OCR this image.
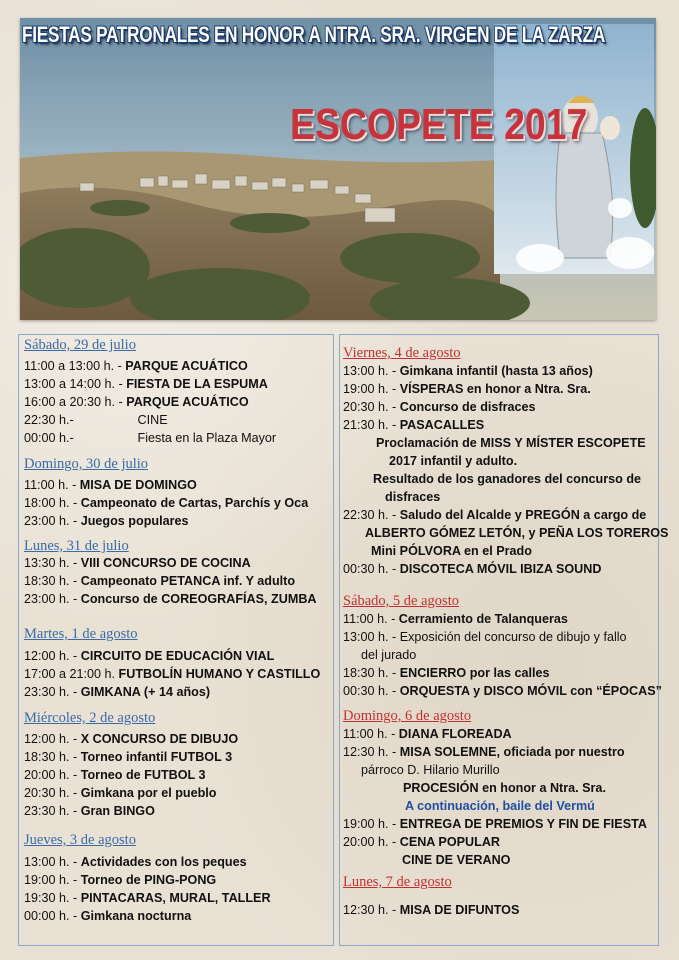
FIESTAS PATRONALES EN HONOR A NTRA. SRA. VIRGEN DE LA ZARZA
ESCOPETE 2017
Sábado, 29 de julio
11:00 a 13:00 h. - PARQUE ACUÁTICO
13:00 a 14:00 h. - FIESTA DE LA ESPUMA
16:00 a 20:30 h. - PARQUE ACUÁTICO
22:30 h.-	CINE
00:00 h.-	Fiesta en la Plaza Mayor
Domingo, 30 de julio
11:00 h. - MISA DE DOMINGO
18:00 h. - Campeonato de Cartas, Parchís y Oca
23:00 h. - Juegos populares
Lunes, 31 de julio
13:30 h. - VIII CONCURSO DE COCINA
18:30 h. - Campeonato PETANCA inf. Y adulto
23:00 h. - Concurso de COREOGRAFÍAS, ZUMBA
Martes, 1 de agosto
12:00 h. - CIRCUITO DE EDUCACIÓN VIAL
17:00 a 21:00 h. FUTBOLÍN HUMANO Y CASTILLO
23:30 h. - GIMKANA (+ 14 años)
Miércoles, 2 de agosto
12:00 h. - X CONCURSO DE DIBUJO
18:30 h. - Torneo infantil FUTBOL 3
20:00 h. - Torneo de FUTBOL 3
20:30 h. - Gimkana por el pueblo
23:30 h. - Gran BINGO
Jueves, 3 de agosto
13:00 h. - Actividades con los peques
19:00 h. - Torneo de PING-PONG
19:30 h. - PINTACARAS, MURAL, TALLER
00:00 h. - Gimkana nocturna
Viernes, 4 de agosto
13:00 h. - Gimkana infantil (hasta 13 años)
19:00 h. - VÍSPERAS en honor a Ntra. Sra.
20:30 h. - Concurso de disfraces
21:30 h. - PASACALLES
Proclamación de MISS Y MÍSTER ESCOPETE
2017 infantil y adulto.
Resultado de los ganadores del concurso de
disfraces
22:30 h. - Saludo del Alcalde y PREGÓN a cargo de
ALBERTO GÓMEZ LETÓN, y PEÑA LOS TOREROS
Mini PÓLVORA en el Prado
00:30 h. - DISCOTECA MÓVIL IBIZA SOUND
Sábado, 5 de agosto
11:00 h. - Cerramiento de Talanqueras
13:00 h. - Exposición del concurso de dibujo y fallo
del jurado
18:30 h. - ENCIERRO por las calles
00:30 h. - ORQUESTA y DISCO MÓVIL con “ÉPOCAS”
Domingo, 6 de agosto
11:00 h. - DIANA FLOREADA
12:30 h. - MISA SOLEMNE, oficiada por nuestro
párroco D. Hilario Murillo
PROCESIÓN en honor a Ntra. Sra.
A continuación, baile del Vermú
19:00 h. - ENTREGA DE PREMIOS Y FIN DE FIESTA
20:00 h. - CENA POPULAR
CINE DE VERANO
Lunes, 7 de agosto
12:30 h. - MISA DE DIFUNTOS
